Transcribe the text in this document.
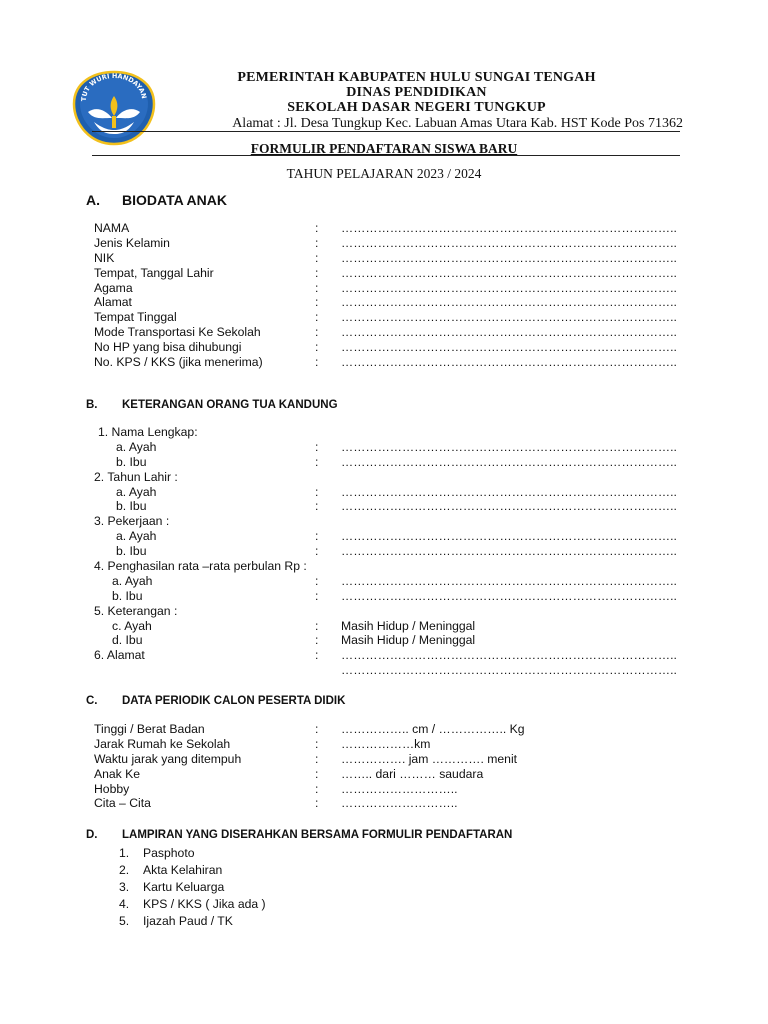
TUT WURI HANDAYAN
PEMERINTAH KABUPATEN HULU SUNGAI TENGAH
DINAS PENDIDIKAN
SEKOLAH DASAR NEGERI TUNGKUP
Alamat : Jl. Desa Tungkup Kec. Labuan Amas Utara Kab. HST Kode Pos 71362
FORMULIR PENDAFTARAN SISWA BARU
TAHUN PELAJARAN 2023 / 2024
A. BIODATA ANAK
NAMA	: ………………………………………………………………………..
Jenis Kelamin	: ………………………………………………………………………..
NIK	: ………………………………………………………………………..
Tempat, Tanggal Lahir	: ………………………………………………………………………..
Agama	: ………………………………………………………………………..
Alamat	: ………………………………………………………………………..
Tempat Tinggal	: ………………………………………………………………………..
Mode Transportasi Ke Sekolah	: ………………………………………………………………………..
No HP yang bisa dihubungi	: ………………………………………………………………………..
No. KPS / KKS (jika menerima)	: ………………………………………………………………………..
B. KETERANGAN ORANG TUA KANDUNG
1. Nama Lengkap:
a. Ayah	: ………………………………………………………………………..
b. Ibu	: ………………………………………………………………………..
2. Tahun Lahir :
a. Ayah	: ………………………………………………………………………..
b. Ibu	: ………………………………………………………………………..
3. Pekerjaan :
a. Ayah	: ………………………………………………………………………..
b. Ibu	: ………………………………………………………………………..
4. Penghasilan rata –rata perbulan Rp :
a. Ayah	: ………………………………………………………………………..
b. Ibu	: ………………………………………………………………………..
5. Keterangan :
c. Ayah	: Masih Hidup / Meninggal
d. Ibu	: Masih Hidup / Meninggal
6. Alamat	: ………………………………………………………………………..
………………………………………………………………………..
C. DATA PERIODIK CALON PESERTA DIDIK
Tinggi / Berat Badan	: …………….. cm / …………….. Kg
Jarak Rumah ke Sekolah	: ………………km
Waktu jarak yang ditempuh	: ……………. jam …………. menit
Anak Ke	: …….. dari ……… saudara
Hobby	: ………………………..
Cita – Cita	: ………………………..
D. LAMPIRAN YANG DISERAHKAN BERSAMA FORMULIR PENDAFTARAN
1. Pasphoto
2. Akta Kelahiran
3. Kartu Keluarga
4. KPS / KKS ( Jika ada )
5. Ijazah Paud / TK
